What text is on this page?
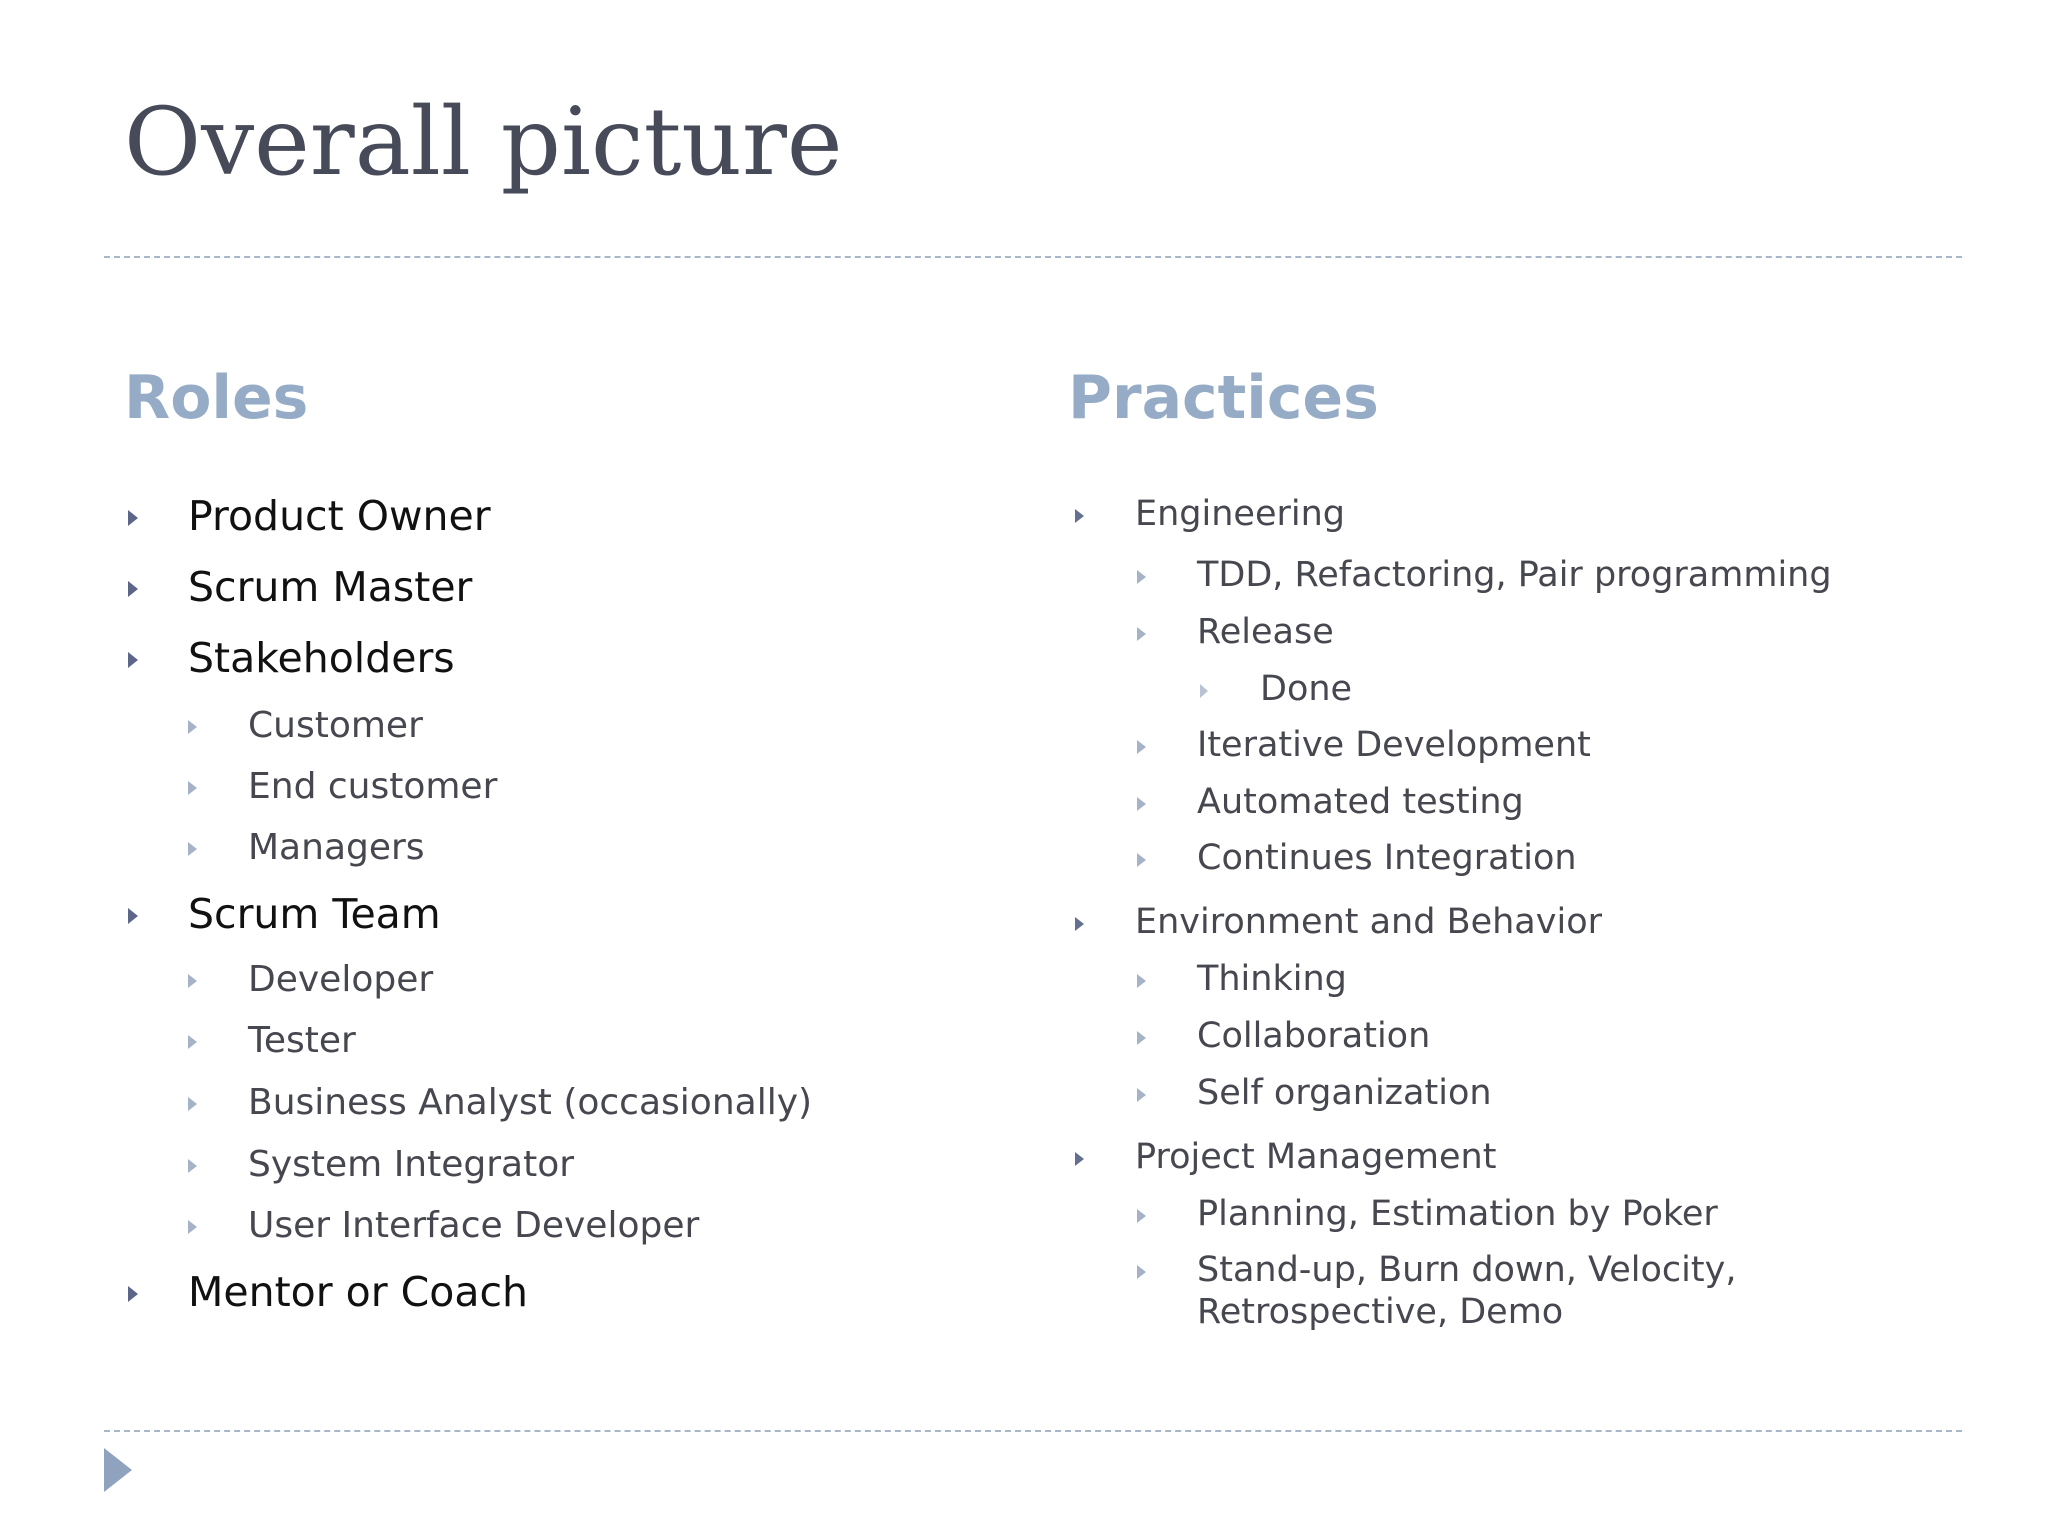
Overall picture
Roles	Practices
Product Owner
Scrum Master
Stakeholders
Customer
End customer
Managers
Scrum Team
Developer
Tester
Business Analyst (occasionally)
System Integrator
User Interface Developer
Mentor or Coach
Engineering
TDD, Refactoring, Pair programming
Release
Done
Iterative Development
Automated testing
Continues Integration
Environment and Behavior
Thinking
Collaboration
Self organization
Project Management
Planning, Estimation by Poker
Stand-up, Burn down, Velocity,
Retrospective, Demo
